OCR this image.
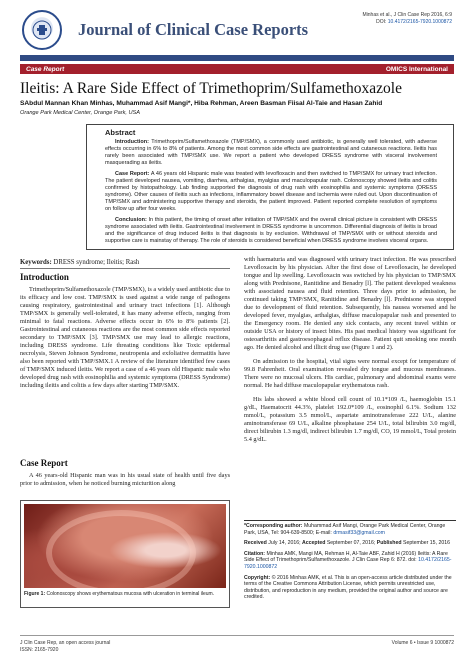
Journal of Clinical Case Reports
Minhas et al., J Clin Case Rep 2016, 6:9
DOI: 10.4172/2165-7920.1000872
Case Report	OMICS International
Ileitis: A Rare Side Effect of Trimethoprim/Sulfamethoxazole
SAbdul Mannan Khan Minhas, Muhammad Asif Mangi*, Hiba Rehman, Areen Basman Fiisal Al-Taie and Hasan Zahid
Orange Park Medical Center, Orange Park, USA
Abstract

Introduction: Trimethoprim/Sulfamethoxazole (TMP/SMX), a commonly used antibiotic, is generally well tolerated, with adverse effects occurring in 6% to 8% of patients. Among the most common side effects are gastrointestinal and cutaneous reactions. Ileitis has rarely been associated with TMP/SMX use. We report a patient who developed DRESS syndrome with visceral involvement masquerading as ileitis.

Case Report: A 46 years old Hispanic male was treated with levofloxacin and then switched to TMP/SMX for urinary tract infection. The patient developed nausea, vomiting, diarrhea, arthalgias, myalgias and maculopapular rash. Colonoscopy showed ileitis and colitis confirmed by histopathology. Lab finding supported the diagnosis of drug rash with eosinophilia and systemic symptoms (DRESS syndrome). Other causes of ileitis such as infections, inflammatory bowel disease and ischemia were ruled out. Upon discontinuation of TMP/SMX and administering supportive therapy and steroids, the patient improved. Patient reported complete resolution of symptoms on follow up after four weeks.

Conclusion: In this patient, the timing of onset after initiation of TMP/SMX and the overall clinical picture is consistent with DRESS syndrome associated with ileitis. Gastrointestinal involvement in DRESS syndrome is uncommon. Differential diagnosis of ileitis is broad and the significance of drug induced ileitis is that diagnosis is by exclusion. Withdrawal of TMP/SMX with or without steroids and supportive care is mainstay of therapy. The role of steroids is considered beneficial when DRESS syndrome involves visceral organs.

Keywords: DRESS syndrome; Ileitis; Rash
Introduction

Trimethoprim/Sulfamethoxazole (TMP/SMX), is a widely used antibiotic due to its efficacy and low cost. TMP/SMX is used against a wide range of pathogens causing respiratory, gastrointestinal and urinary tract infections [1]. Although TMP/SMX is generally well-tolerated, it has many adverse effects, ranging from minimal to fatal reactions. Adverse effects occur in 6% to 8% patients [2]. Gastrointestinal and cutaneous reactions are the most common side effects reported secondary to TMP/SMX [3]. TMP/SMX use may lead to allergic reactions, including DRESS syndrome. Life threating conditions like Toxic epidermal necrolysis, Steven Johnson Syndrome, neutropenia and exfoliative dermatitis have also been reported with TMP/SMX.1 A review of the literature identified few cases of TMP/SMX induced ileitis. We report a case of a 46 years old Hispanic male who developed drug rash with eosinophilia and systemic symptoms (DRESS Syndrome) including ileitis and colitis a few days after starting TMP/SMX.

Case Report

A 46 years-old Hispanic man was in his usual state of health until five days prior to admission, when he noticed burning micturition along

Figure 1: Colonoscopy shows erythematous mucosa with ulceration in terminal ileum.

with haematuria and was diagnosed with urinary tract infection. He was prescribed Levofloxacin by his physician. After the first dose of Levofloxacin, he developed tongue and lip swelling. Levofloxacin was switched by his physician to TMP/SMX along with Prednisone, Ranitidine and Benadry [l]. The patient developed weakness with associated nausea and fluid retention. Three days prior to admission, he continued taking TMP/SMX, Ranitidine and Benadry [l]. Prednisone was stopped due to development of fluid retention. Subsequently, his nausea worsened and he developed fever, myalgias, arthalgias, diffuse maculopapular rash and presented to the Emergency room. He denied any sick contacts, any recent travel within or outside USA or history of insect bites. His past medical history was significant for osteoarthritis and gastroesophageal reflux disease. Patient quit smoking one month ago. He denied alcohol and illicit drug use (Figure 1 and 2).

On admission to the hospital, vital signs were normal except for temperature of 99.8 Fahrenheit. Oral examination revealed dry tongue and mucous membranes. There were no mucosal ulcers. His cardiac, pulmonary and abdominal exams were normal. He had diffuse maculopapular erythematous rash.

His labs showed a white blood cell count of 10.1*109 /L, haemoglobin 15.1 g/dL, Haematocrit 44.3%, platelet 192.0*109 /L, eosinophil 6.1%. Sodium 132 mmol/L, potassium 3.5 mmol/L, aspartate aminotransferase 222 U/L, alanine aminotransferase 69 U/L, alkaline phosphatase 254 U/L, total bilirubin 3.0 mg/dl, direct bilirubin 1.3 mg/dl, indirect bilirubin 1.7 mg/dl, CO, 19 mmol/L, Total protein 5.4 g/dL.

*Corresponding author: Muhammad Asif Mangi, Orange Park Medical Center, Orange Park, USA, Tel: 904-639-8500; E-mail: drmasif33@gmail.com

Received July 14, 2016; Accepted September 07, 2016; Published September 15, 2016

Citation: Minhas AMK, Mangi MA, Rehman H, Al-Taie ABF, Zahid H (2016) Ileitis: A Rare Side Effect of Trimethoprim/Sulfamethoxazole. J Clin Case Rep 6: 872. doi: 10.4172/2165-7920.1000872

Copyright: © 2016 Minhas AMK, et al. This is an open-access article distributed under the terms of the Creative Commons Attribution License, which permits unrestricted use, distribution, and reproduction in any medium, provided the original author and source are credited.

J Clin Case Rep, an open access journal
ISSN: 2165-7920
Volume 6 • Issue 9 1000872
